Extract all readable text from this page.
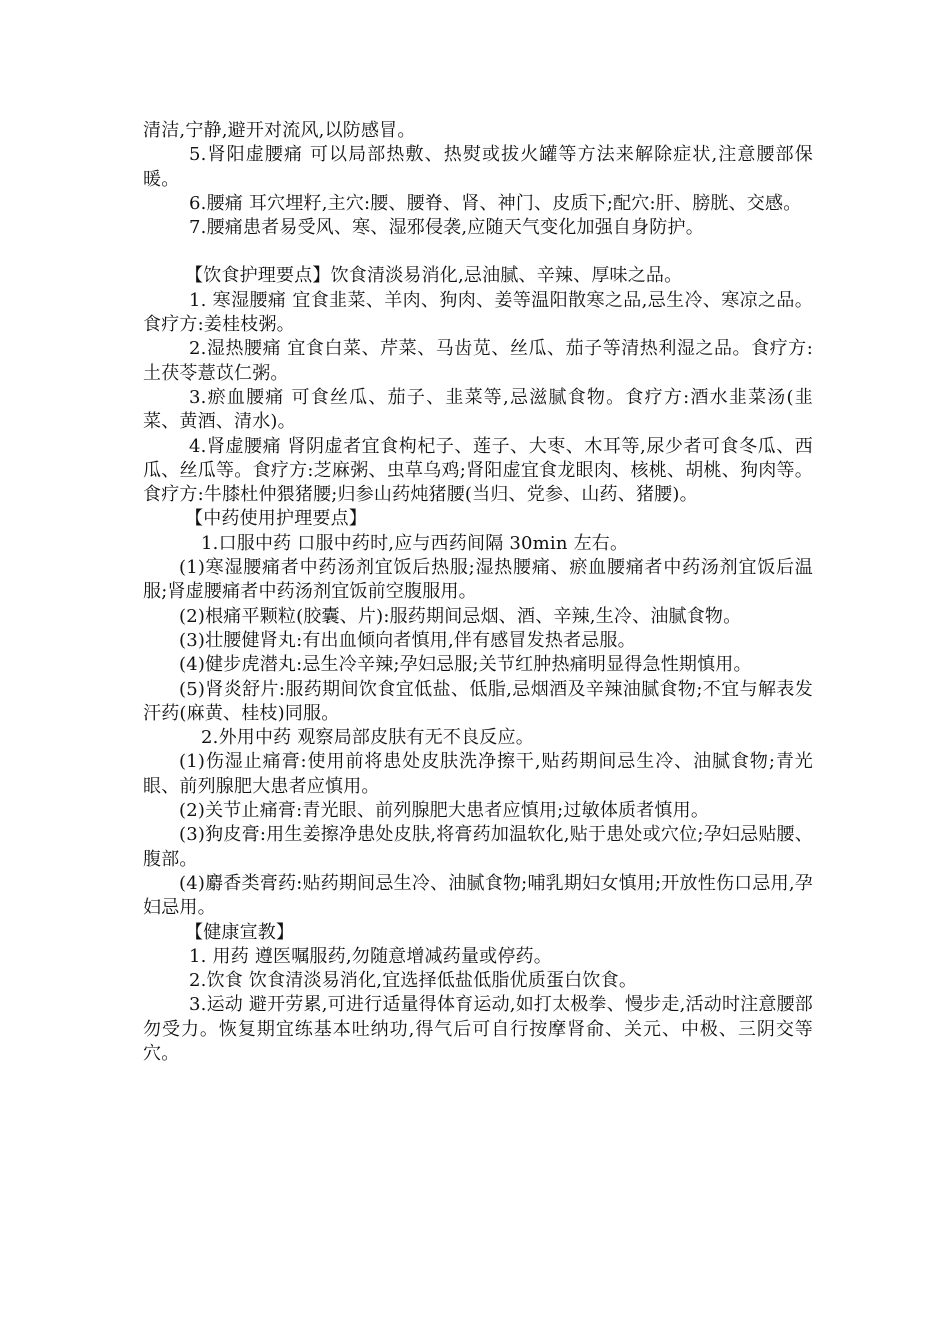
清洁,宁静,避开对流风,以防感冒。

5.肾阳虚腰痛 可以局部热敷、热熨或拔火罐等方法来解除症状,注意腰部保暖。

6.腰痛 耳穴埋籽,主穴:腰、腰脊、肾、神门、皮质下;配穴:肝、膀胱、交感。

7.腰痛患者易受风、寒、湿邪侵袭,应随天气变化加强自身防护。

【饮食护理要点】饮食清淡易消化,忌油腻、辛辣、厚味之品。

1. 寒湿腰痛 宜食韭菜、羊肉、狗肉、姜等温阳散寒之品,忌生冷、寒凉之品。食疗方:姜桂枝粥。

2.湿热腰痛 宜食白菜、芹菜、马齿苋、丝瓜、茄子等清热利湿之品。食疗方:土茯苓薏苡仁粥。

3.瘀血腰痛 可食丝瓜、茄子、韭菜等,忌滋腻食物。食疗方:酒水韭菜汤(韭菜、黄酒、清水)。

4.肾虚腰痛 肾阴虚者宜食枸杞子、莲子、大枣、木耳等,尿少者可食冬瓜、西瓜、丝瓜等。食疗方:芝麻粥、虫草乌鸡;肾阳虚宜食龙眼肉、核桃、胡桃、狗肉等。食疗方:牛膝杜仲猥猪腰;归参山药炖猪腰(当归、党参、山药、猪腰)。

【中药使用护理要点】

1.口服中药 口服中药时,应与西药间隔 30min 左右。

(1)寒湿腰痛者中药汤剂宜饭后热服;湿热腰痛、瘀血腰痛者中药汤剂宜饭后温服;肾虚腰痛者中药汤剂宜饭前空腹服用。

(2)根痛平颗粒(胶囊、片):服药期间忌烟、酒、辛辣,生冷、油腻食物。

(3)壮腰健肾丸:有出血倾向者慎用,伴有感冒发热者忌服。

(4)健步虎潜丸:忌生冷辛辣;孕妇忌服;关节红肿热痛明显得急性期慎用。

(5)肾炎舒片:服药期间饮食宜低盐、低脂,忌烟酒及辛辣油腻食物;不宜与解表发汗药(麻黄、桂枝)同服。

2.外用中药 观察局部皮肤有无不良反应。

(1)伤湿止痛膏:使用前将患处皮肤洗净擦干,贴药期间忌生冷、油腻食物;青光眼、前列腺肥大患者应慎用。

(2)关节止痛膏:青光眼、前列腺肥大患者应慎用;过敏体质者慎用。

(3)狗皮膏:用生姜擦净患处皮肤,将膏药加温软化,贴于患处或穴位;孕妇忌贴腰、腹部。

(4)麝香类膏药:贴药期间忌生冷、油腻食物;哺乳期妇女慎用;开放性伤口忌用,孕妇忌用。

【健康宣教】

1. 用药 遵医嘱服药,勿随意增减药量或停药。

2.饮食 饮食清淡易消化,宜选择低盐低脂优质蛋白饮食。

3.运动 避开劳累,可进行适量得体育运动,如打太极拳、慢步走,活动时注意腰部勿受力。恢复期宜练基本吐纳功,得气后可自行按摩肾俞、关元、中极、三阴交等穴。
